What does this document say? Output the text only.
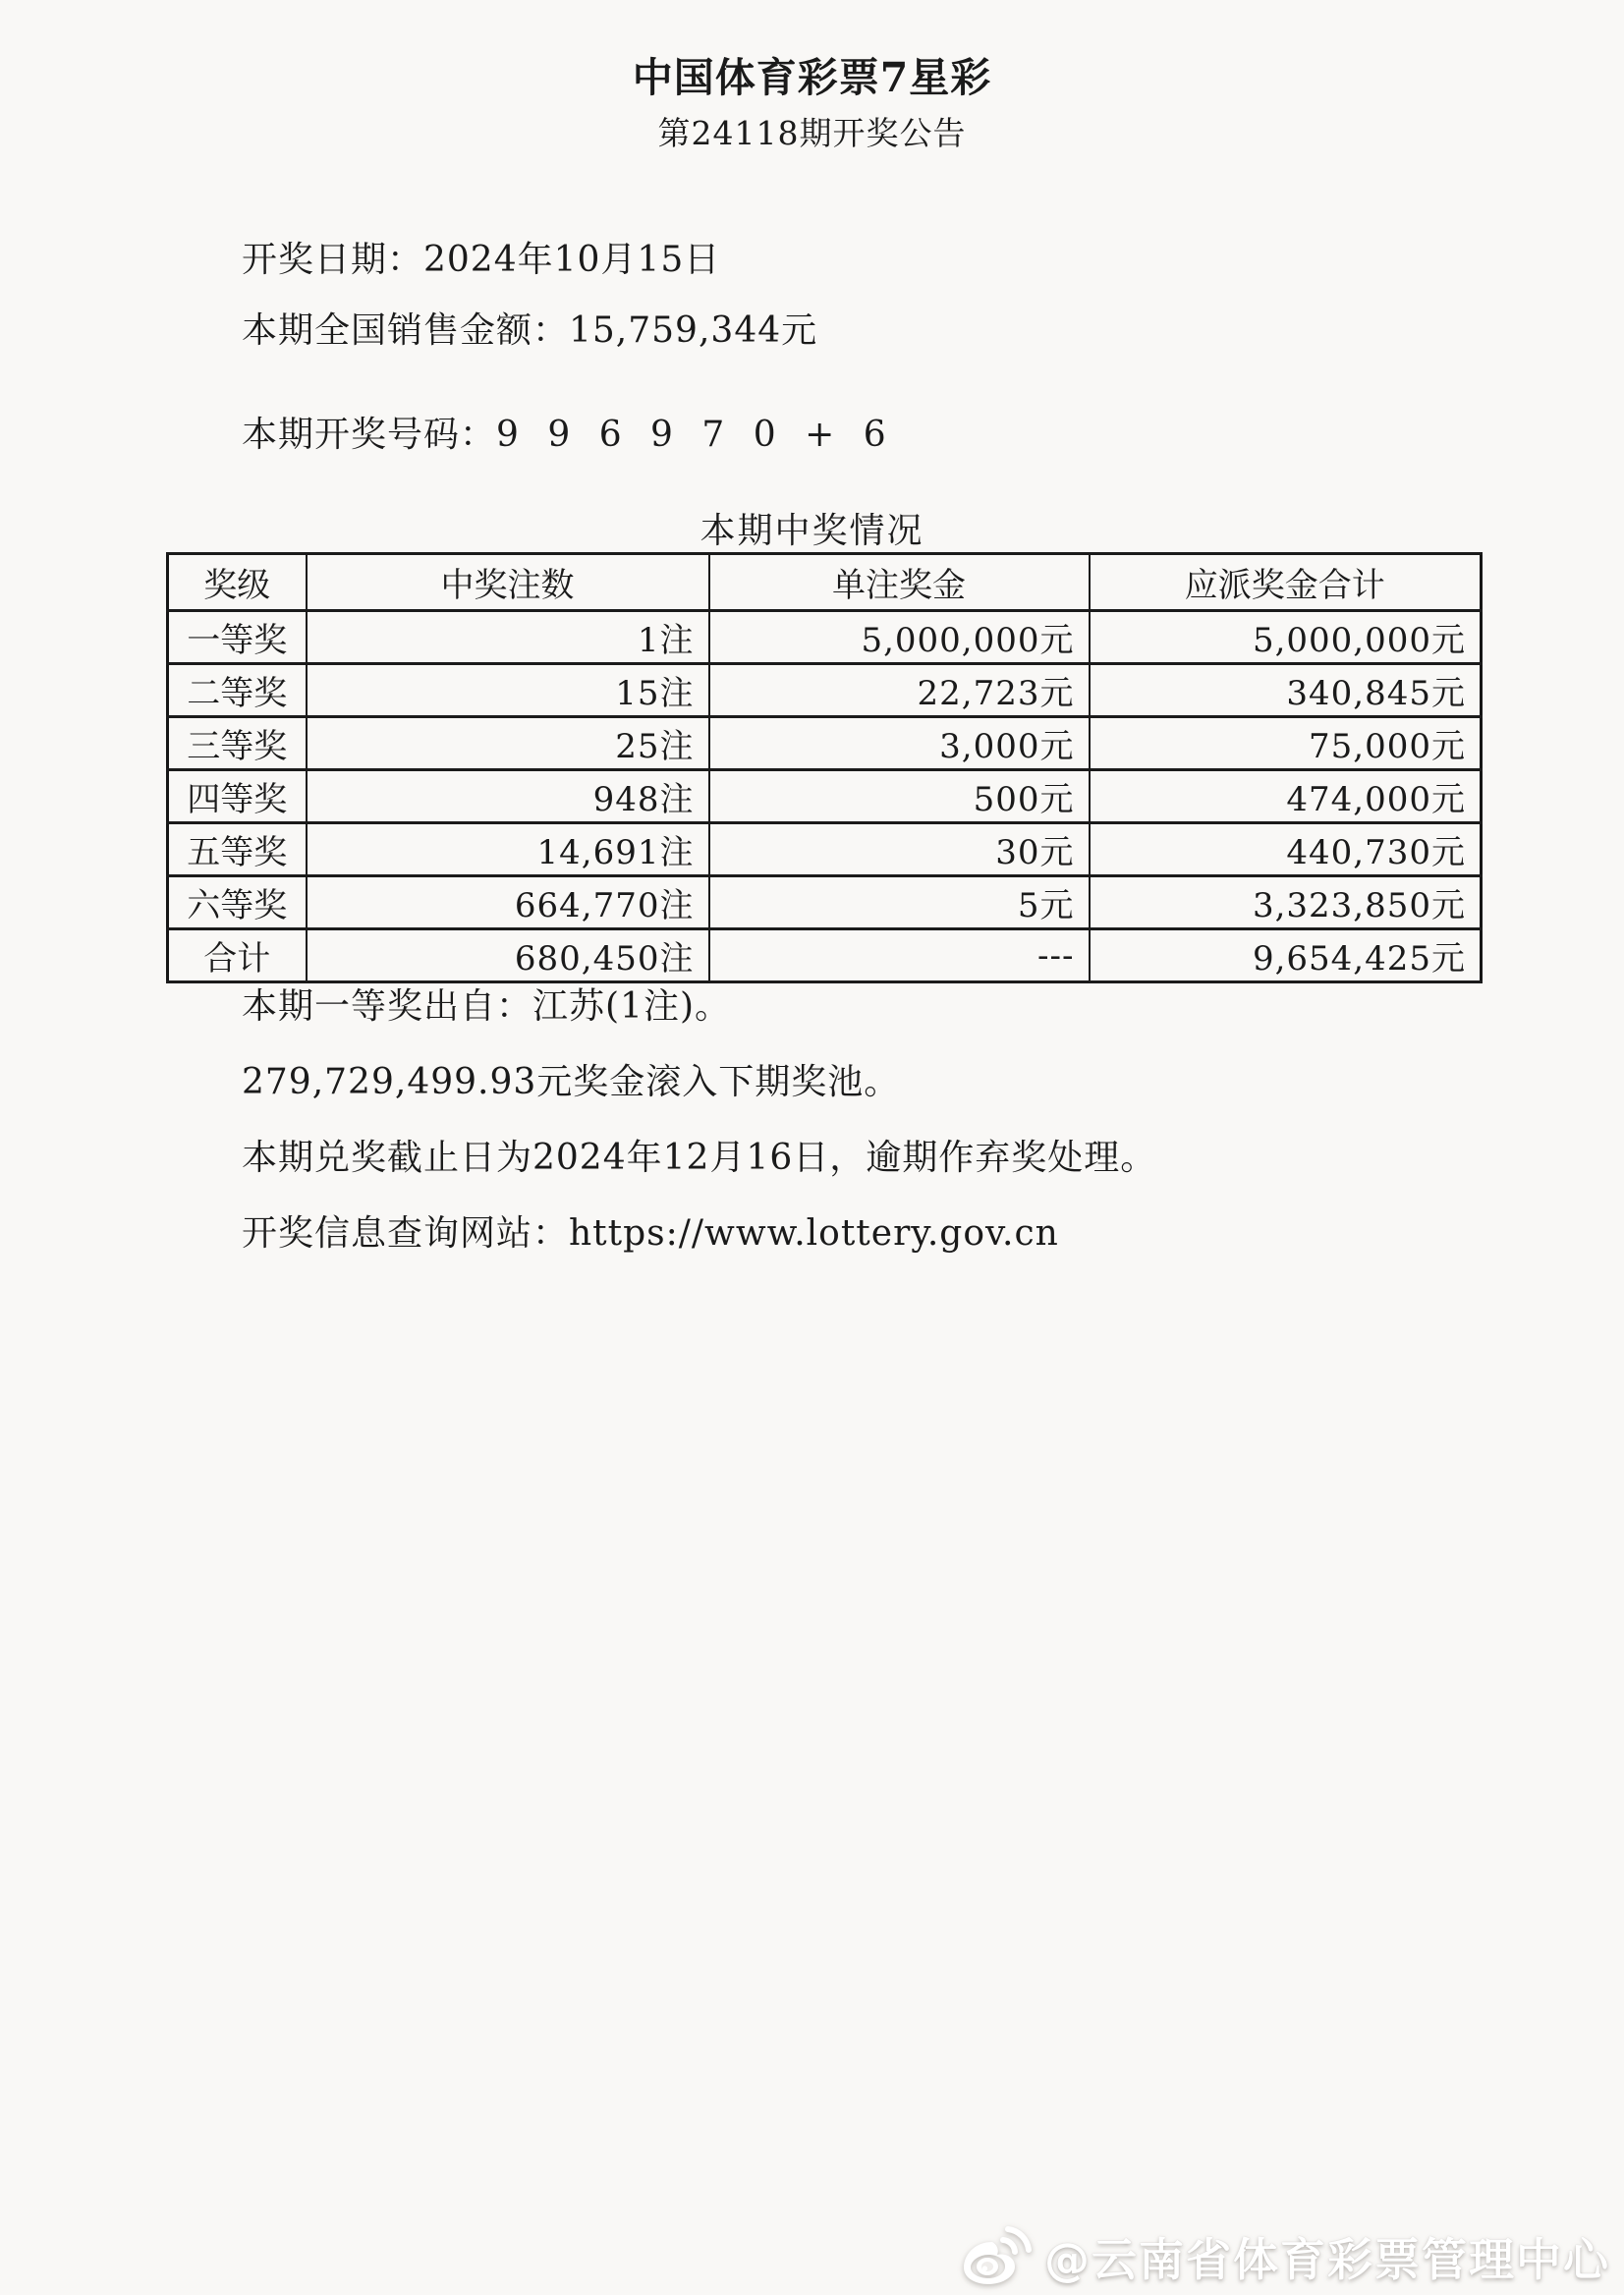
中国体育彩票7星彩
第24118期开奖公告
开奖日期：2024年10月15日
本期全国销售金额：15,759,344元
本期开奖号码：9 9 6 9 7 0 + 6
本期中奖情况
奖级	中奖注数	单注奖金	应派奖金合计
一等奖	1注	5,000,000元	5,000,000元
二等奖	15注	22,723元	340,845元
三等奖	25注	3,000元	75,000元
四等奖	948注	500元	474,000元
五等奖	14,691注	30元	440,730元
六等奖	664,770注	5元	3,323,850元
合计	680,450注	---	9,654,425元
本期一等奖出自：江苏(1注)。
279,729,499.93元奖金滚入下期奖池。
本期兑奖截止日为2024年12月16日，逾期作弃奖处理。
开奖信息查询网站：https://www.lottery.gov.cn
@云南省体育彩票管理中心
